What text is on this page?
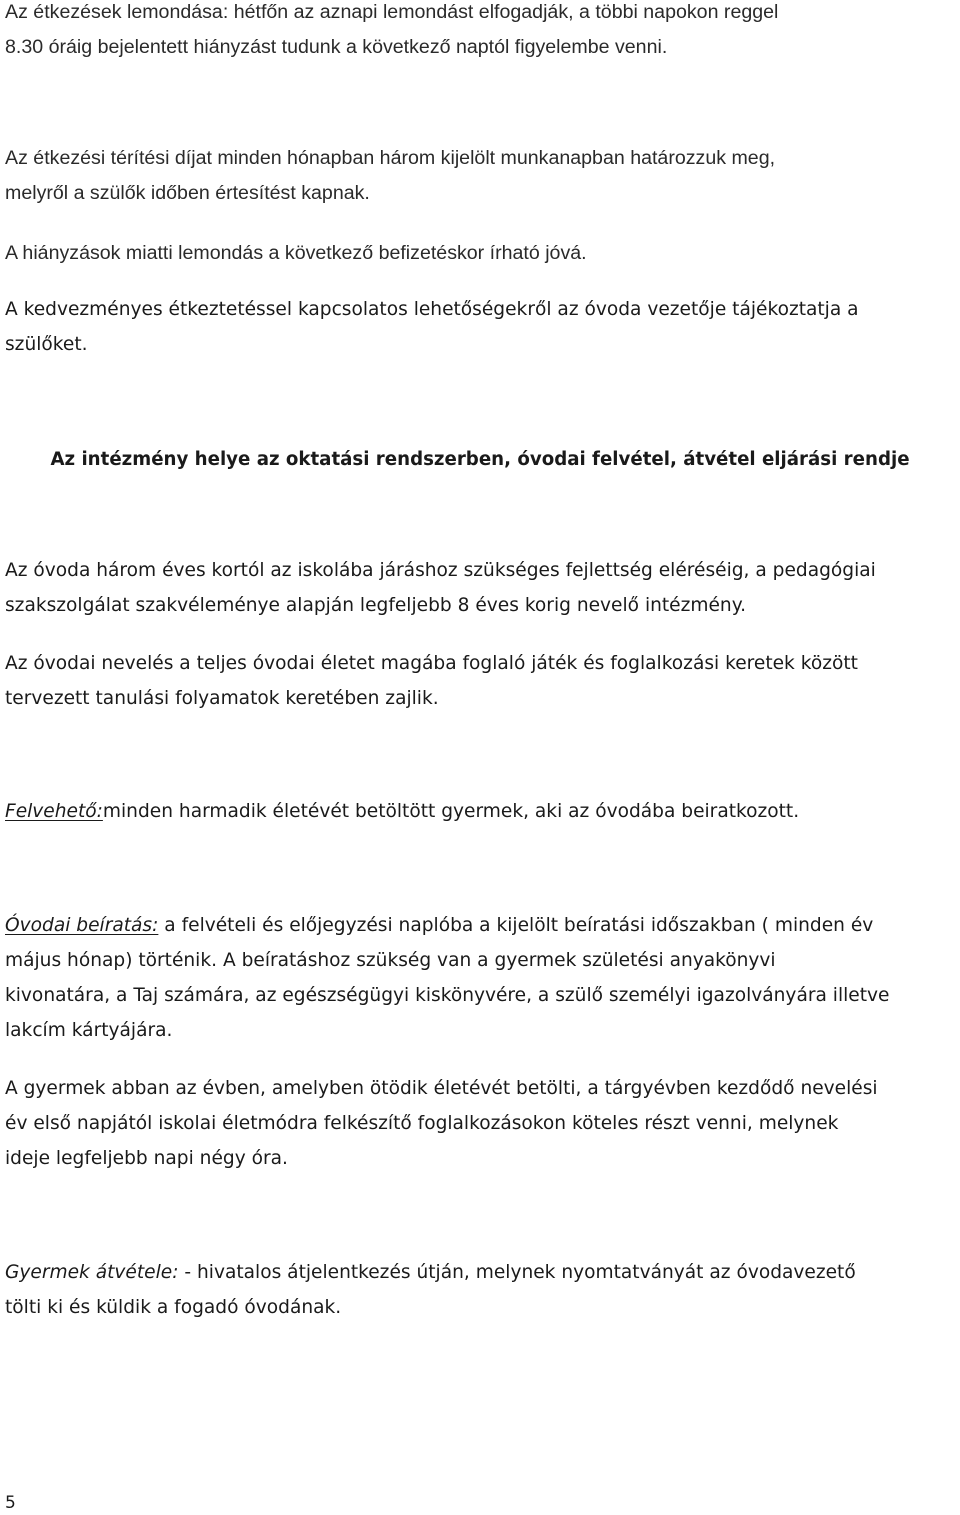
Az étkezések lemondása: hétfőn az aznapi lemondást elfogadják, a többi napokon reggel
8.30 óráig bejelentett hiányzást tudunk a következő naptól figyelembe venni.

Az étkezési térítési díjat minden hónapban három kijelölt munkanapban határozzuk meg,
melyről a szülők időben értesítést kapnak.

A hiányzások miatti lemondás a következő befizetéskor írható jóvá.

A kedvezményes étkeztetéssel kapcsolatos lehetőségekről az óvoda vezetője tájékoztatja a
szülőket.

Az intézmény helye az oktatási rendszerben, óvodai felvétel, átvétel eljárási rendje

Az óvoda három éves kortól az iskolába járáshoz szükséges fejlettség eléréséig, a pedagógiai
szakszolgálat szakvéleménye alapján legfeljebb 8 éves korig nevelő intézmény.

Az óvodai nevelés a teljes óvodai életet magába foglaló játék és foglalkozási keretek között
tervezett tanulási folyamatok keretében zajlik.

Felvehető:minden harmadik életévét betöltött gyermek, aki az óvodába beiratkozott.

Óvodai beíratás: a felvételi és előjegyzési naplóba a kijelölt beíratási időszakban ( minden év
május hónap) történik. A beíratáshoz szükség van a gyermek születési anyakönyvi
kivonatára, a Taj számára, az egészségügyi kiskönyvére, a szülő személyi igazolványára illetve
lakcím kártyájára.

A gyermek abban az évben, amelyben ötödik életévét betölti, a tárgyévben kezdődő nevelési
év első napjától iskolai életmódra felkészítő foglalkozásokon köteles részt venni, melynek
ideje legfeljebb napi négy óra.

Gyermek átvétele: - hivatalos átjelentkezés útján, melynek nyomtatványát az óvodavezető
tölti ki és küldik a fogadó óvodának.

5
